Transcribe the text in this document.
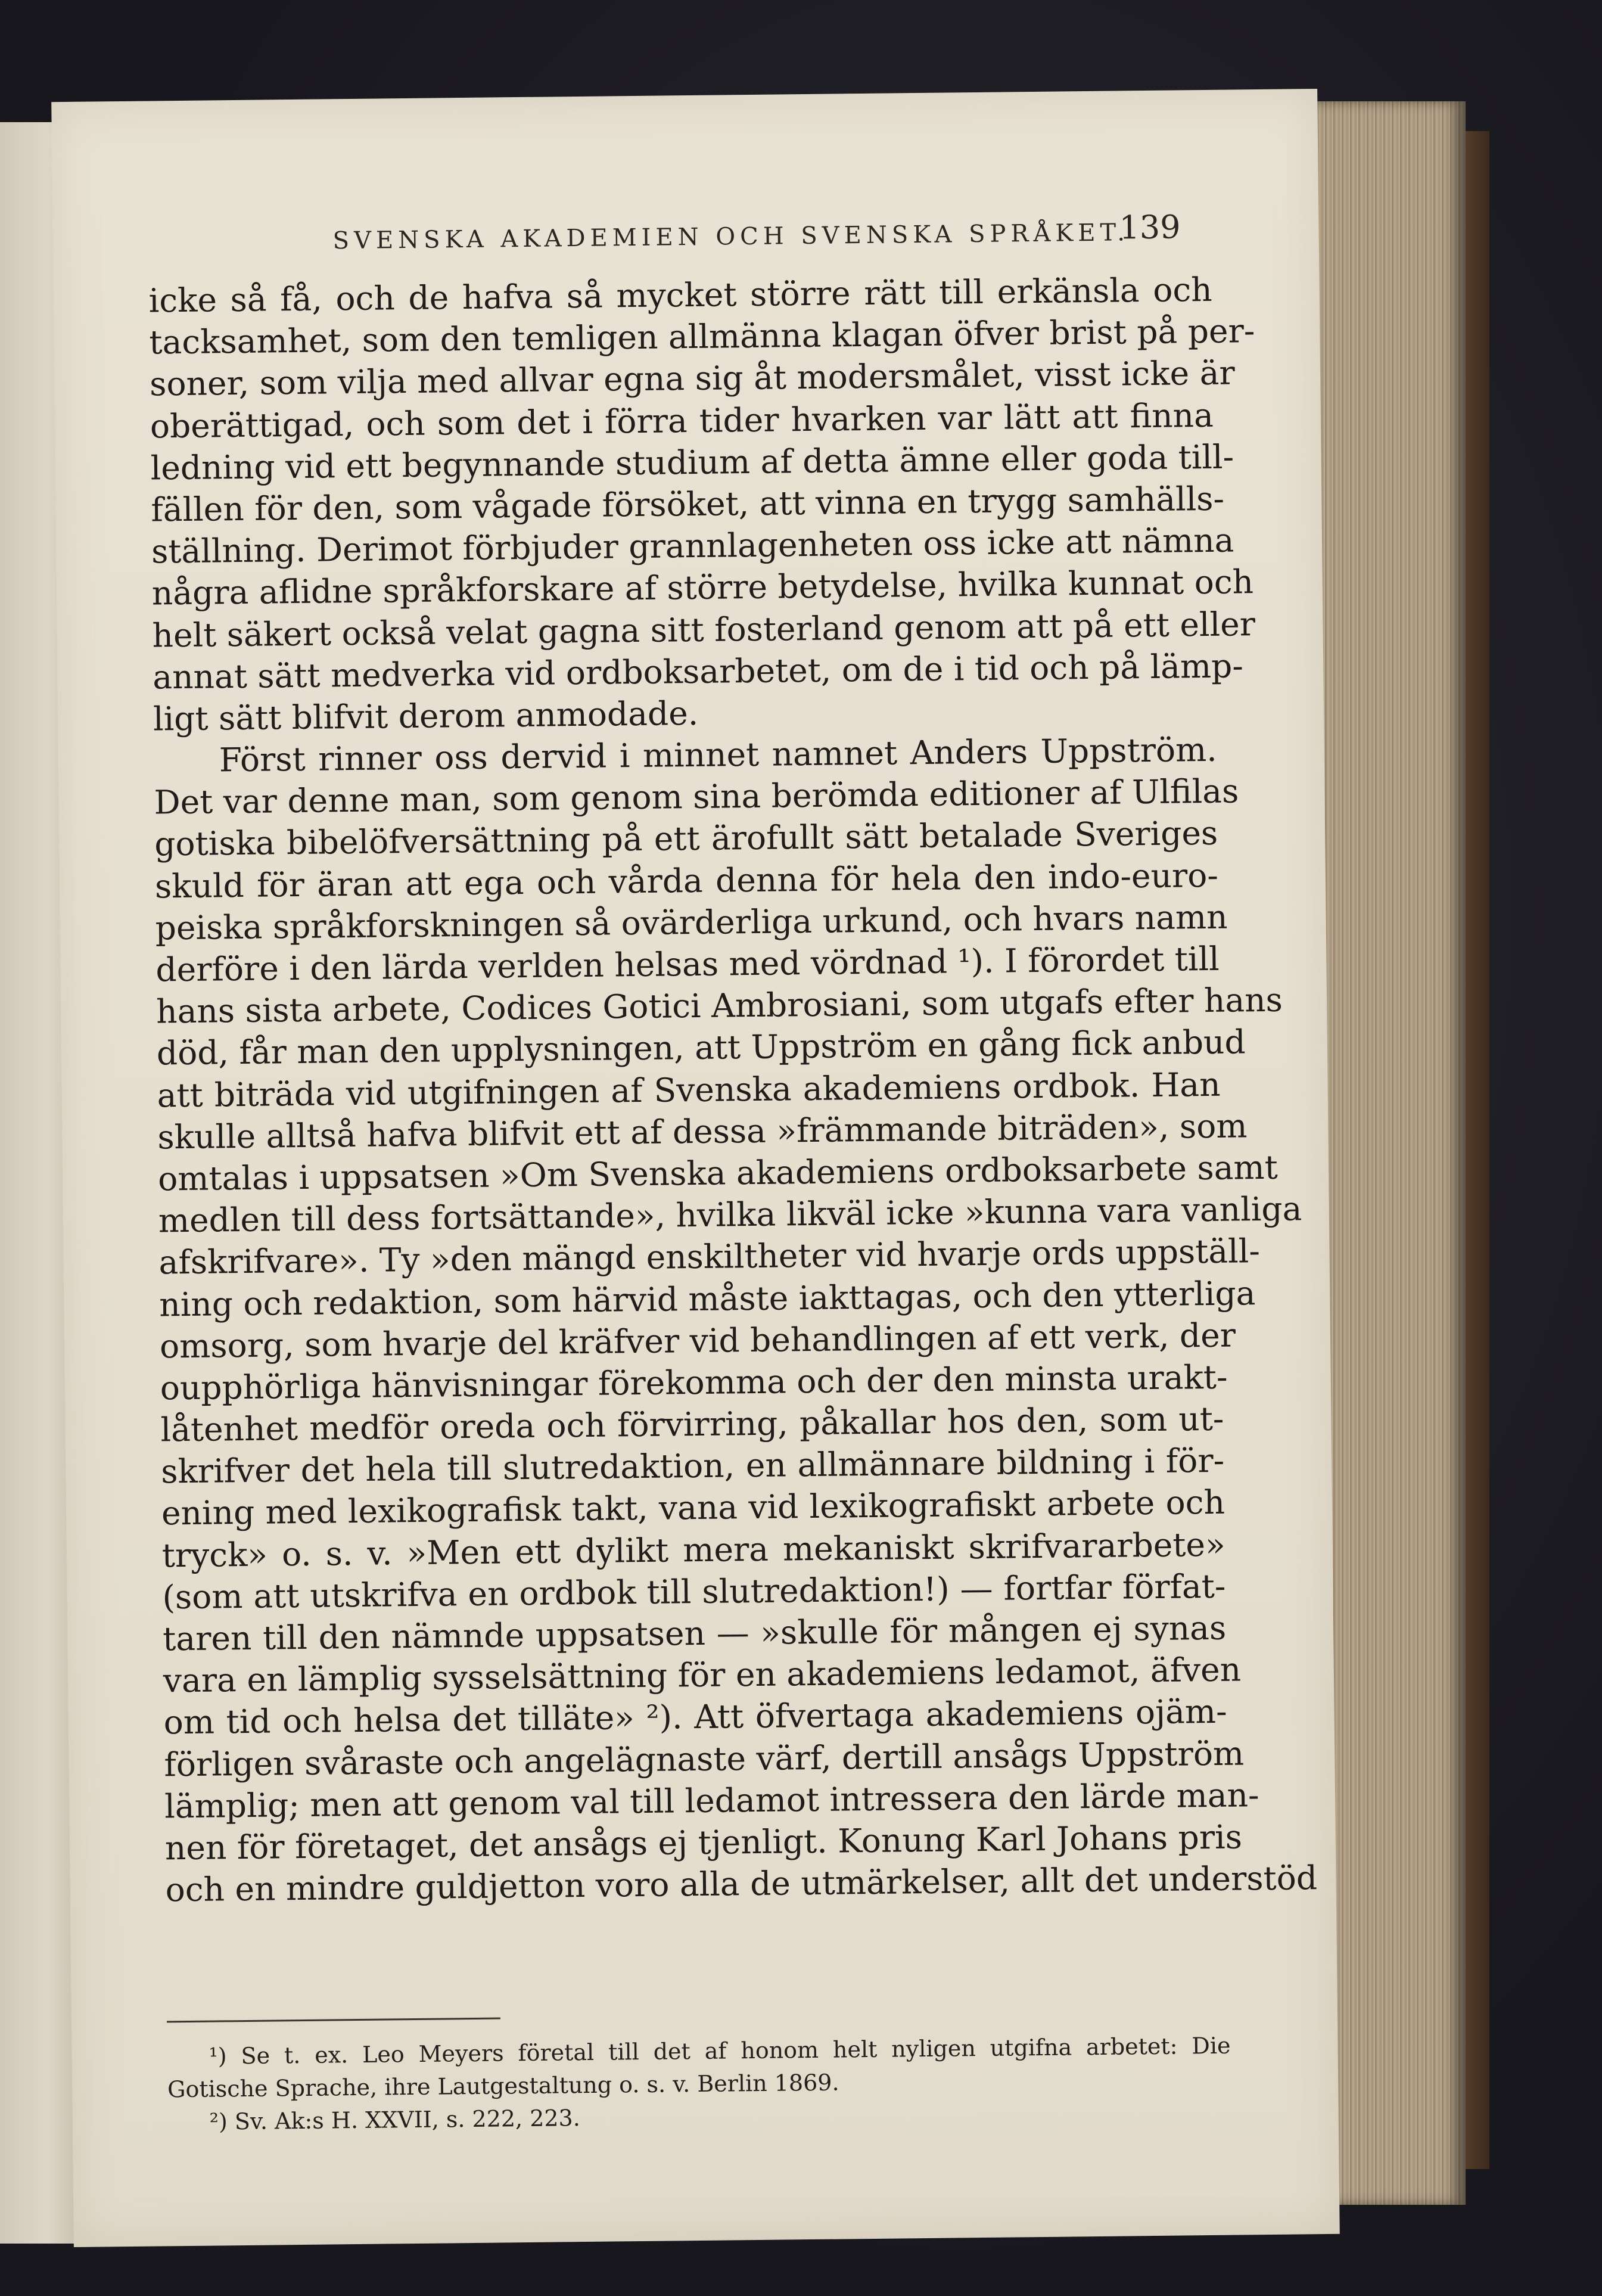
SVENSKA AKADEMIEN OCH SVENSKA SPRÅKET.
139
icke så få, och de hafva så mycket större rätt till erkänsla och
tacksamhet, som den temligen allmänna klagan öfver brist på per-
soner, som vilja med allvar egna sig åt modersmålet, visst icke är
oberättigad, och som det i förra tider hvarken var lätt att finna
ledning vid ett begynnande studium af detta ämne eller goda till-
fällen för den, som vågade försöket, att vinna en trygg samhälls-
ställning. Derimot förbjuder grannlagenheten oss icke att nämna
några aflidne språkforskare af större betydelse, hvilka kunnat och
helt säkert också velat gagna sitt fosterland genom att på ett eller
annat sätt medverka vid ordboksarbetet, om de i tid och på lämp-
ligt sätt blifvit derom anmodade.
Först rinner oss dervid i minnet namnet Anders Uppström.
Det var denne man, som genom sina berömda editioner af Ulfilas
gotiska bibelöfversättning på ett ärofullt sätt betalade Sveriges
skuld för äran att ega och vårda denna för hela den indo-euro-
peiska språkforskningen så ovärderliga urkund, och hvars namn
derföre i den lärda verlden helsas med vördnad ¹). I förordet till
hans sista arbete, Codices Gotici Ambrosiani, som utgafs efter hans
död, får man den upplysningen, att Uppström en gång fick anbud
att biträda vid utgifningen af Svenska akademiens ordbok. Han
skulle alltså hafva blifvit ett af dessa »främmande biträden», som
omtalas i uppsatsen »Om Svenska akademiens ordboksarbete samt
medlen till dess fortsättande», hvilka likväl icke »kunna vara vanliga
afskrifvare». Ty »den mängd enskiltheter vid hvarje ords uppställ-
ning och redaktion, som härvid måste iakttagas, och den ytterliga
omsorg, som hvarje del kräfver vid behandlingen af ett verk, der
oupphörliga hänvisningar förekomma och der den minsta urakt-
låtenhet medför oreda och förvirring, påkallar hos den, som ut-
skrifver det hela till slutredaktion, en allmännare bildning i för-
ening med lexikografisk takt, vana vid lexikografiskt arbete och
tryck» o. s. v. »Men ett dylikt mera mekaniskt skrifvararbete»
(som att utskrifva en ordbok till slutredaktion!) — fortfar förfat-
taren till den nämnde uppsatsen — »skulle för mången ej synas
vara en lämplig sysselsättning för en akademiens ledamot, äfven
om tid och helsa det tilläte» ²). Att öfvertaga akademiens ojäm-
förligen svåraste och angelägnaste värf, dertill ansågs Uppström
lämplig; men att genom val till ledamot intressera den lärde man-
nen för företaget, det ansågs ej tjenligt. Konung Karl Johans pris
och en mindre guldjetton voro alla de utmärkelser, allt det understöd
¹) Se t. ex. Leo Meyers företal till det af honom helt nyligen utgifna arbetet: Die
Gotische Sprache, ihre Lautgestaltung o. s. v. Berlin 1869.
²) Sv. Ak:s H. XXVII, s. 222, 223.
